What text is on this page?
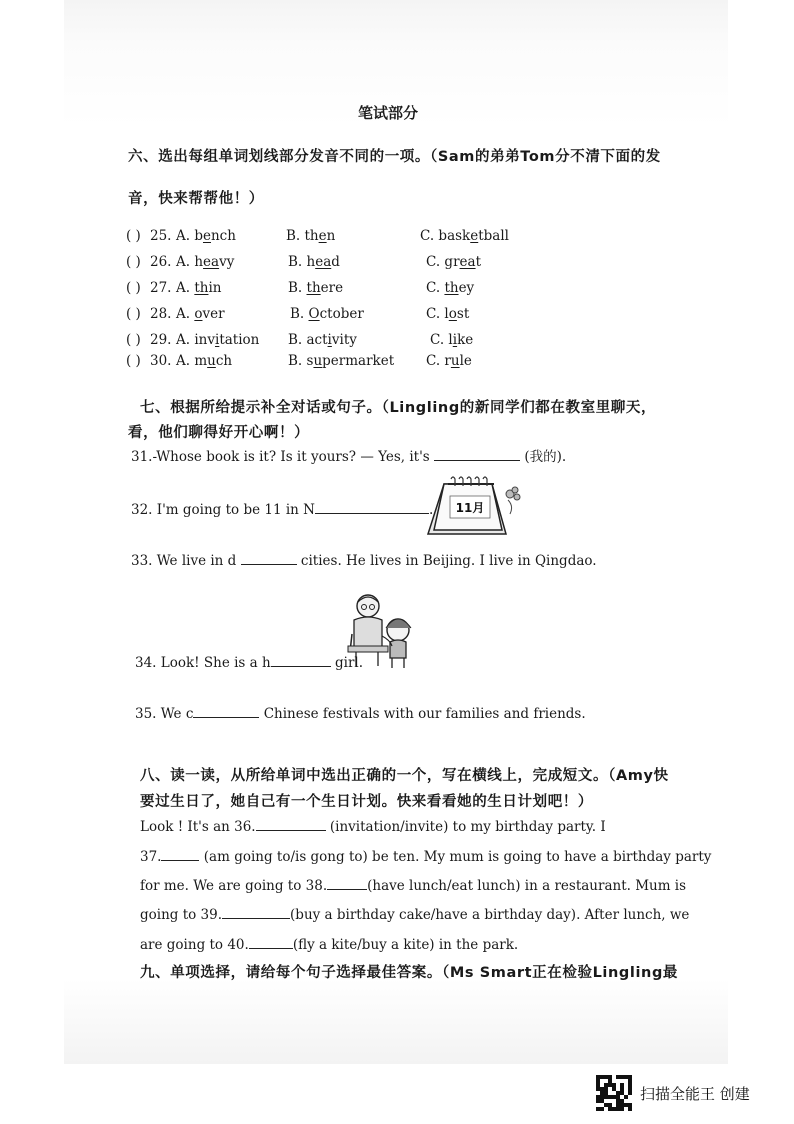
笔试部分
六、选出每组单词划线部分发音不同的一项。（Sam的弟弟Tom分不清下面的发
音，快来帮帮他！）
( ) 25. A. bench	B. then	C. basketball
( ) 26. A. heavy	B. head	C. great
( ) 27. A. thin	B. there	C. they
( ) 28. A. over	B. October	C. lost
( ) 29. A. invitation B. activity	C. like
( ) 30. A. much	B. supermarket C. rule
七、根据所给提示补全对话或句子。（Lingling的新同学们都在教室里聊天，
看，他们聊得好开心啊！）
31.-Whose book is it? Is it yours? — Yes, it's	(我的).
32. I'm going to be 11 in N	. 11月
33. We live in d	cities. He lives in Beijing. I live in Qingdao.
34. Look! She is a h	girl.
35. We c	Chinese festivals with our families and friends.
八、读一读，从所给单词中选出正确的一个，写在横线上，完成短文。（Amy快
要过生日了，她自己有一个生日计划。快来看看她的生日计划吧！）
Look ! It's an 36.	(invitation/invite) to my birthday party. I
37.	(am going to/is gong to) be ten. My mum is going to have a birthday party
for me. We are going to 38.	(have lunch/eat lunch) in a restaurant. Mum is
going to 39.	(buy a birthday cake/have a birthday day). After lunch, we
are going to 40.	(fly a kite/buy a kite) in the park.
九、单项选择，请给每个句子选择最佳答案。（Ms Smart正在检验Lingling最
扫描全能王 创建
